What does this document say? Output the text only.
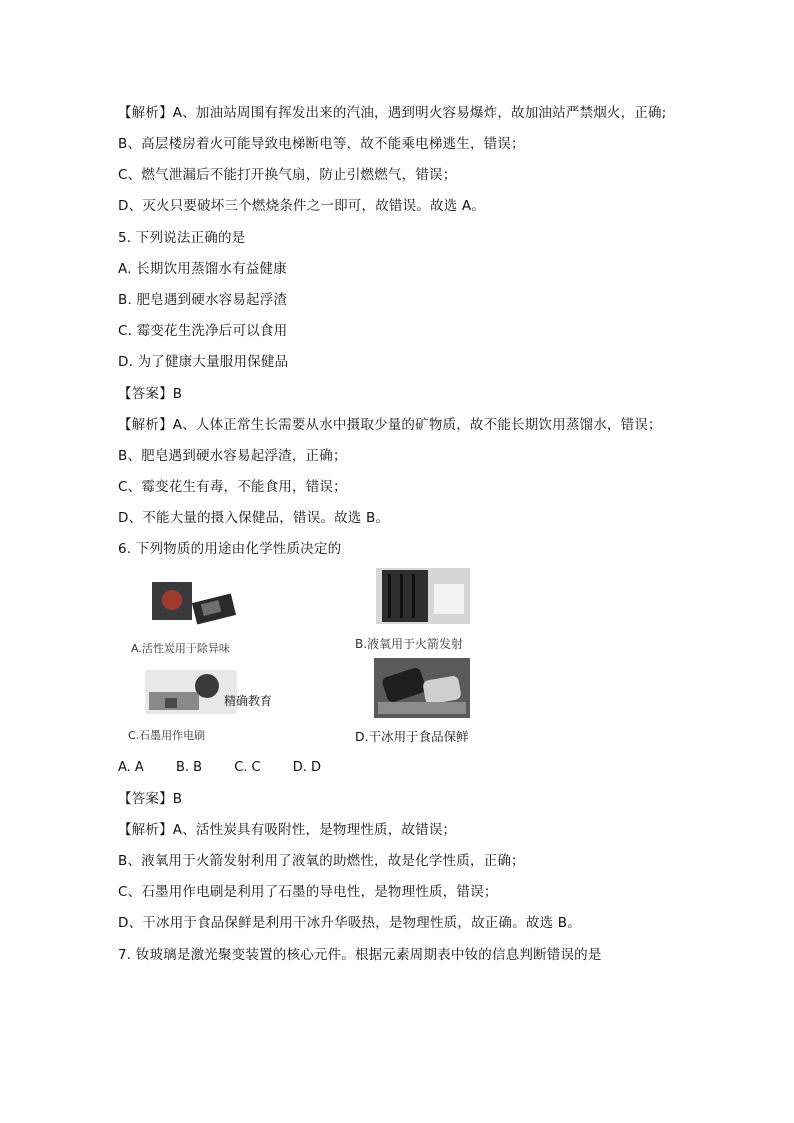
【解析】A、加油站周围有挥发出来的汽油，遇到明火容易爆炸，故加油站严禁烟火，正确;
B、高层楼房着火可能导致电梯断电等，故不能乘电梯逃生，错误；
C、燃气泄漏后不能打开换气扇，防止引燃燃气，错误；
D、灭火只要破坏三个燃烧条件之一即可，故错误。故选 A。
5. 下列说法正确的是
A. 长期饮用蒸馏水有益健康
B. 肥皂遇到硬水容易起浮渣
C. 霉变花生洗净后可以食用
D. 为了健康大量服用保健品
【答案】B
【解析】A、人体正常生长需要从水中摄取少量的矿物质，故不能长期饮用蒸馏水，错误；
B、肥皂遇到硬水容易起浮渣，正确；
C、霉变花生有毒，不能食用，错误；
D、不能大量的摄入保健品，错误。故选 B。
6. 下列物质的用途由化学性质决定的
A.活性炭用于除异味	B.液氧用于火箭发射
精确教育
C.石墨用作电刷	D.干冰用于食品保鲜
A. A B. B C. C D. D
【答案】B
【解析】A、活性炭具有吸附性，是物理性质，故错误；
B、液氧用于火箭发射利用了液氧的助燃性，故是化学性质，正确；
C、石墨用作电刷是利用了石墨的导电性，是物理性质，错误；
D、干冰用于食品保鲜是利用干冰升华吸热，是物理性质，故正确。故选 B。
7. 钕玻璃是激光聚变装置的核心元件。根据元素周期表中钕的信息判断错误的是
